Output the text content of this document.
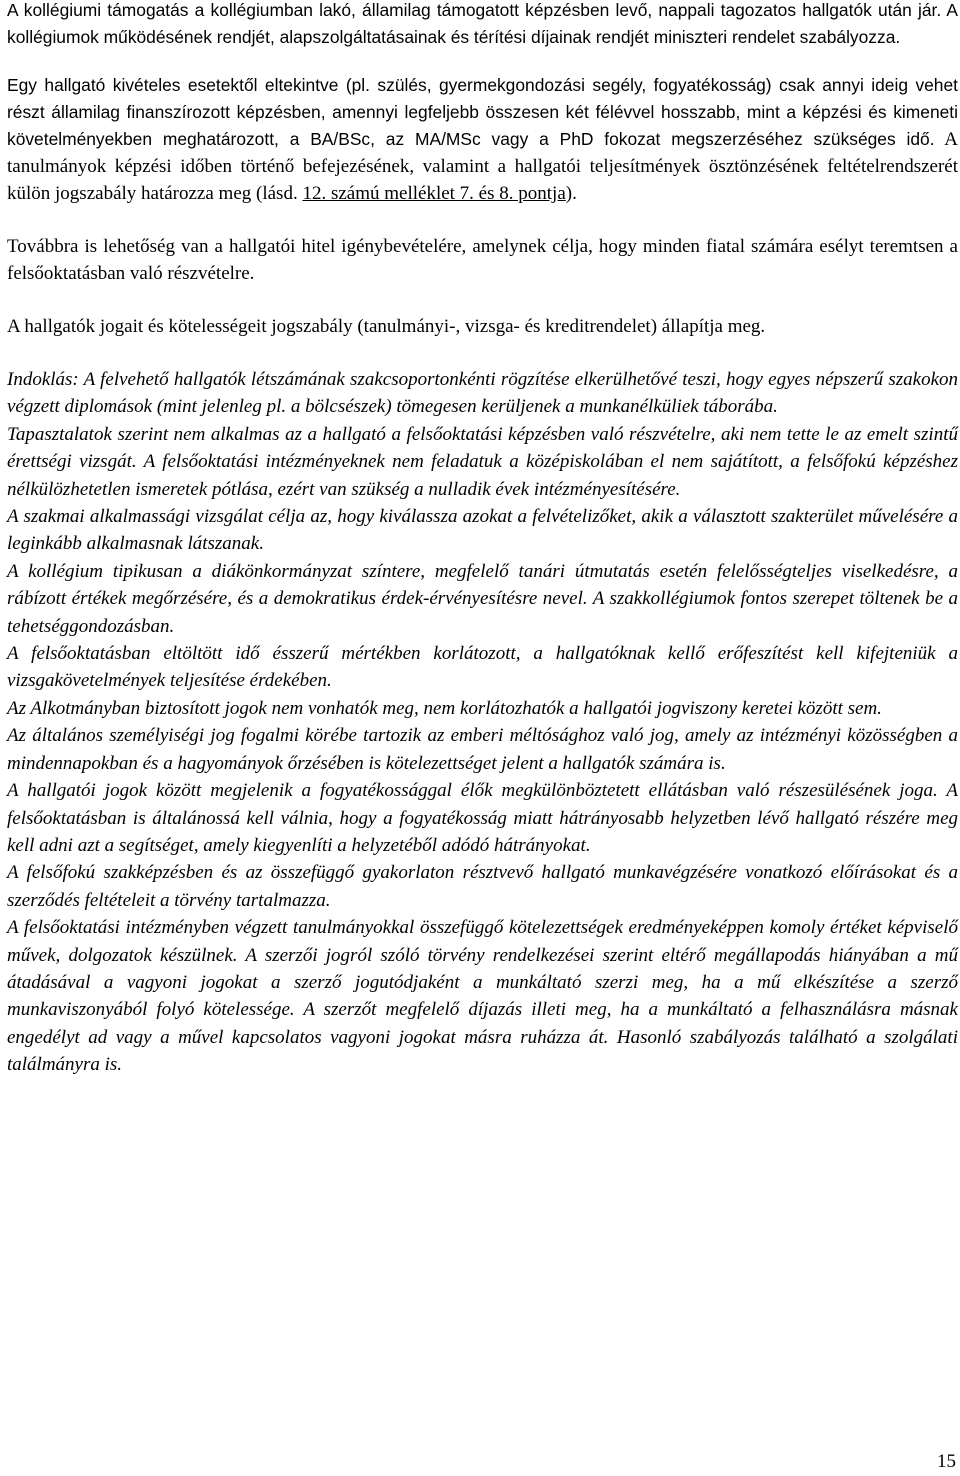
A kollégiumi támogatás a kollégiumban lakó, államilag támogatott képzésben levő, nappali tagozatos hallgatók után jár. A kollégiumok működésének rendjét, alapszolgáltatásainak és térítési díjainak rendjét miniszteri rendelet szabályozza.

Egy hallgató kivételes esetektől eltekintve (pl. szülés, gyermekgondozási segély, fogyatékosság) csak annyi ideig vehet részt államilag finanszírozott képzésben, amennyi legfeljebb összesen két félévvel hosszabb, mint a képzési és kimeneti követelményekben meghatározott, a BA/BSc, az MA/MSc vagy a PhD fokozat megszerzéséhez szükséges idő. A tanulmányok képzési időben történő befejezésének, valamint a hallgatói teljesítmények ösztönzésének feltételrendszerét külön jogszabály határozza meg (lásd. 12. számú melléklet 7. és 8. pontja).

Továbbra is lehetőség van a hallgatói hitel igénybevételére, amelynek célja, hogy minden fiatal számára esélyt teremtsen a felsőoktatásban való részvételre.

A hallgatók jogait és kötelességeit jogszabály (tanulmányi-, vizsga- és kreditrendelet) állapítja meg.

Indoklás: A felvehető hallgatók létszámának szakcsoportonkénti rögzítése elkerülhetővé teszi, hogy egyes népszerű szakokon végzett diplomások (mint jelenleg pl. a bölcsészek) tömegesen kerüljenek a munkanélküliek táborába.

Tapasztalatok szerint nem alkalmas az a hallgató a felsőoktatási képzésben való részvételre, aki nem tette le az emelt szintű érettségi vizsgát. A felsőoktatási intézményeknek nem feladatuk a középiskolában el nem sajátított, a felsőfokú képzéshez nélkülözhetetlen ismeretek pótlása, ezért van szükség a nulladik évek intézményesítésére.

A szakmai alkalmassági vizsgálat célja az, hogy kiválassza azokat a felvételizőket, akik a választott szakterület művelésére a leginkább alkalmasnak látszanak.

A kollégium tipikusan a diákönkormányzat színtere, megfelelő tanári útmutatás esetén felelősségteljes viselkedésre, a rábízott értékek megőrzésére, és a demokratikus érdek-érvényesítésre nevel. A szakkollégiumok fontos szerepet töltenek be a tehetséggondozásban.

A felsőoktatásban eltöltött idő ésszerű mértékben korlátozott, a hallgatóknak kellő erőfeszítést kell kifejteniük a vizsgakövetelmények teljesítése érdekében.

Az Alkotmányban biztosított jogok nem vonhatók meg, nem korlátozhatók a hallgatói jogviszony keretei között sem.

Az általános személyiségi jog fogalmi körébe tartozik az emberi méltósághoz való jog, amely az intézményi közösségben a mindennapokban és a hagyományok őrzésében is kötelezettséget jelent a hallgatók számára is.

A hallgatói jogok között megjelenik a fogyatékossággal élők megkülönböztetett ellátásban való részesülésének joga. A felsőoktatásban is általánossá kell válnia, hogy a fogyatékosság miatt hátrányosabb helyzetben lévő hallgató részére meg kell adni azt a segítséget, amely kiegyenlíti a helyzetéből adódó hátrányokat.

A felsőfokú szakképzésben és az összefüggő gyakorlaton résztvevő hallgató munkavégzésére vonatkozó előírásokat és a szerződés feltételeit a törvény tartalmazza.

A felsőoktatási intézményben végzett tanulmányokkal összefüggő kötelezettségek eredményeképpen komoly értéket képviselő művek, dolgozatok készülnek. A szerzői jogról szóló törvény rendelkezései szerint eltérő megállapodás hiányában a mű átadásával a vagyoni jogokat a szerző jogutódjaként a munkáltató szerzi meg, ha a mű elkészítése a szerző munkaviszonyából folyó kötelessége. A szerzőt megfelelő díjazás illeti meg, ha a munkáltató a felhasználásra másnak engedélyt ad vagy a művel kapcsolatos vagyoni jogokat másra ruházza át. Hasonló szabályozás található a szolgálati találmányra is.

15
